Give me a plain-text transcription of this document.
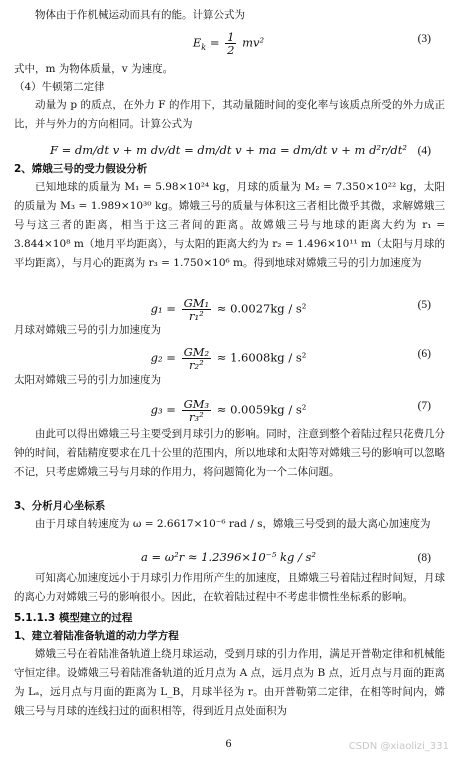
物体由于作机械运动而具有的能。计算公式为
$E_k = \frac{1}{2} mv^2$	(3)
式中，m 为物体质量，v 为速度。
（4）牛顿第二定律
动量为 p 的质点，在外力 F 的作用下，其动量随时间的变化率与该质点所受的外力成正比，并与外力的方向相同。计算公式为
F = dm/dt v + m dv/dt = dm/dt v + ma = dm/dt v + m d²r/dt² (4)
2、嫦娥三号的受力假设分析
已知地球的质量为 M₁ = 5.98×10²⁴ kg，月球的质量为 M₂ = 7.350×10²² kg，太阳的质量为 M₃ = 1.989×10³⁰ kg。嫦娥三号的质量与体积这三者相比微乎其微，求解嫦娥三号与这三者的距离，相当于这三者间的距离。故嫦娥三号与地球的距离大约为 r₁ = 3.844×10⁸ m（地月平均距离），与太阳的距离大约为 r₂ = 1.496×10¹¹ m（太阳与月球的平均距离），与月心的距离为 r₃ = 1.750×10⁶ m。得到地球对嫦娥三号的引力加速度为
$g_1 = \frac{\text{GM₁}}{\text{r₁²}} \approx 0.0027kg / s^2$	(5)
月球对嫦娥三号的引力加速度为
$g_2 = \frac{\text{GM₂}}{\text{r₂²}} \approx 1.6008kg / s^2$	(6)
太阳对嫦娥三号的引力加速度为
$g_3 = \frac{\text{GM₃}}{\text{r₃²}} \approx 0.0059kg / s^2$	(7)
由此可以得出嫦娥三号主要受到月球引力的影响。同时，注意到整个着陆过程只花费几分钟的时间，着陆精度要求在几十公里的范围内，所以地球和太阳等对嫦娥三号的影响可以忽略不记，只考虑嫦娥三号与月球的作用力，将问题简化为一个二体问题。
3、分析月心坐标系
由于月球自转速度为 ω = 2.6617×10⁻⁶ rad / s，嫦娥三号受到的最大离心加速度为
a = ω²r ≈ 1.2396×10⁻⁵ kg / s²	(8)
可知离心加速度远小于月球引力作用所产生的加速度，且嫦娥三号着陆过程时间短，月球的离心力对嫦娥三号的影响很小。因此，在软着陆过程中不考虑非惯性坐标系的影响。
5.1.1.3 模型建立的过程
1、建立着陆准备轨道的动力学方程
嫦娥三号在着陆准备轨道上绕月球运动，受到月球的引力作用，满足开普勒定律和机械能守恒定律。设嫦娥三号着陆准备轨道的近月点为 A 点，远月点为 B 点，近月点与月面的距离为 Lₐ，远月点与月面的距离为 L_B，月球半径为 r。由开普勒第二定律，在相等时间内，嫦娥三号与月球的连线扫过的面积相等，得到近月点处面积为
6	CSDN @xiaolizi_331
